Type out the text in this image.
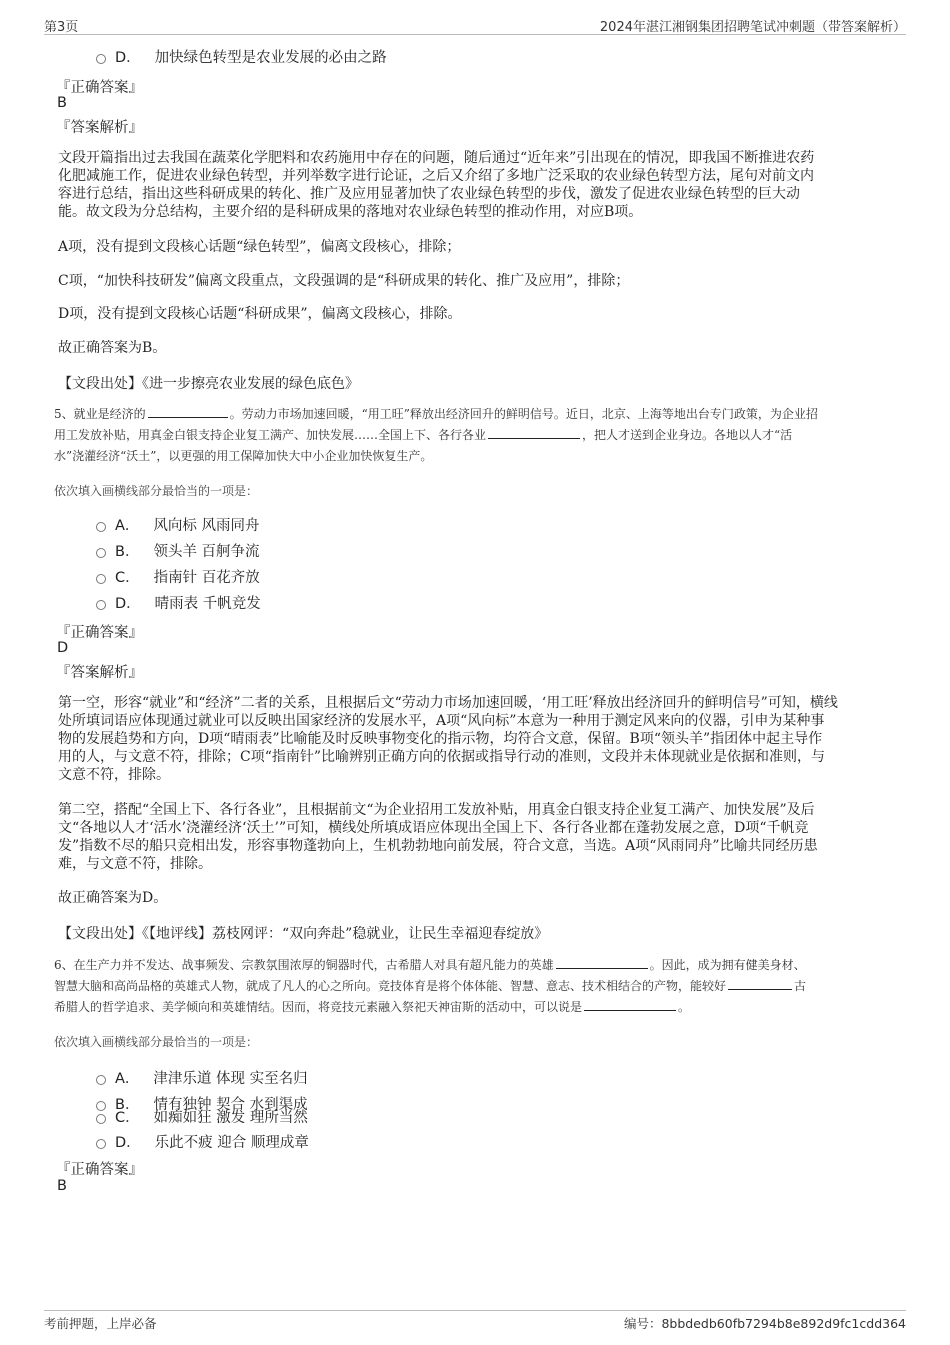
第3页	2024年湛江湘钢集团招聘笔试冲刺题（带答案解析）
D． 加快绿色转型是农业发展的必由之路
『正确答案』
B
『答案解析』
文段开篇指出过去我国在蔬菜化学肥料和农药施用中存在的问题，随后通过“近年来”引出现在的情况，即我国不断推进农药
化肥减施工作，促进农业绿色转型，并列举数字进行论证，之后又介绍了多地广泛采取的农业绿色转型方法，尾句对前文内
容进行总结，指出这些科研成果的转化、推广及应用显著加快了农业绿色转型的步伐，激发了促进农业绿色转型的巨大动
能。故文段为分总结构，主要介绍的是科研成果的落地对农业绿色转型的推动作用，对应B项。
A项，没有提到文段核心话题“绿色转型”，偏离文段核心，排除；
C项，“加快科技研发”偏离文段重点，文段强调的是“科研成果的转化、推广及应用”，排除；
D项，没有提到文段核心话题“科研成果”，偏离文段核心，排除。
故正确答案为B。
【文段出处】《进一步擦亮农业发展的绿色底色》
5、就业是经济的	。劳动力市场加速回暖，“用工旺”释放出经济回升的鲜明信号。近日，北京、上海等地出台专门政策，为企业招
用工发放补贴，用真金白银支持企业复工满产、加快发展……全国上下、各行各业	，把人才送到企业身边。各地以人才“活
水”浇灌经济“沃土”，以更强的用工保障加快大中小企业加快恢复生产。
依次填入画横线部分最恰当的一项是：
A． 风向标 风雨同舟
B． 领头羊 百舸争流
C． 指南针 百花齐放
D． 晴雨表 千帆竞发
『正确答案』
D
『答案解析』
第一空，形容“就业”和“经济”二者的关系，且根据后文“劳动力市场加速回暖，‘用工旺’释放出经济回升的鲜明信号”可知，横线
处所填词语应体现通过就业可以反映出国家经济的发展水平，A项“风向标”本意为一种用于测定风来向的仪器，引申为某种事
物的发展趋势和方向，D项“晴雨表”比喻能及时反映事物变化的指示物，均符合文意，保留。B项“领头羊”指团体中起主导作
用的人，与文意不符，排除；C项“指南针”比喻辨别正确方向的依据或指导行动的准则，文段并未体现就业是依据和准则，与
文意不符，排除。
第二空，搭配“全国上下、各行各业”，且根据前文“为企业招用工发放补贴，用真金白银支持企业复工满产、加快发展”及后
文“各地以人才‘活水’浇灌经济‘沃土’”可知，横线处所填成语应体现出全国上下、各行各业都在蓬勃发展之意，D项“千帆竞
发”指数不尽的船只竞相出发，形容事物蓬勃向上，生机勃勃地向前发展，符合文意，当选。A项“风雨同舟”比喻共同经历患
难，与文意不符，排除。
故正确答案为D。
【文段出处】《【地评线】荔枝网评：“双向奔赴”稳就业，让民生幸福迎春绽放》
6、在生产力并不发达、战事频发、宗教氛围浓厚的铜器时代，古希腊人对具有超凡能力的英雄	。因此，成为拥有健美身材、
智慧大脑和高尚品格的英雄式人物，就成了凡人的心之所向。竞技体育是将个体体能、智慧、意志、技术相结合的产物，能较好	古
希腊人的哲学追求、美学倾向和英雄情结。因而，将竞技元素融入祭祀天神宙斯的活动中，可以说是	。
依次填入画横线部分最恰当的一项是：
A． 津津乐道 体现 实至名归
B． 情有独钟 契合 水到渠成
C． 如痴如狂 激发 理所当然
D． 乐此不疲 迎合 顺理成章
『正确答案』
B
考前押题，上岸必备	编号：8bbdedb60fb7294b8e892d9fc1cdd364
